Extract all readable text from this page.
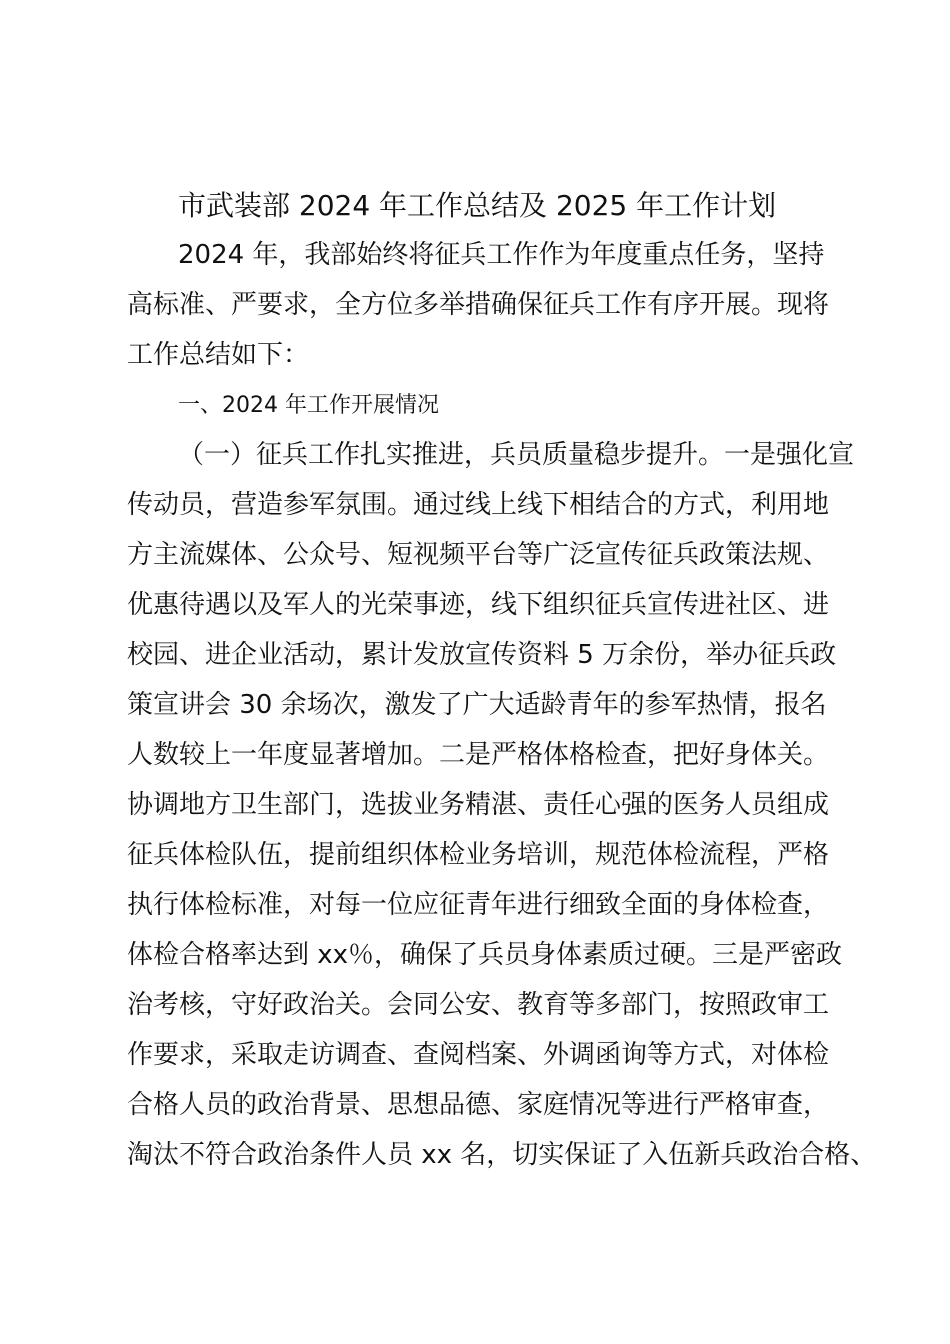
市武装部 2024 年工作总结及 2025 年工作计划
2024 年，我部始终将征兵工作作为年度重点任务，坚持
高标准、严要求，全方位多举措确保征兵工作有序开展。现将
工作总结如下：
一、2024 年工作开展情况
（一）征兵工作扎实推进，兵员质量稳步提升。一是强化宣
传动员，营造参军氛围。通过线上线下相结合的方式，利用地
方主流媒体、公众号、短视频平台等广泛宣传征兵政策法规、
优惠待遇以及军人的光荣事迹，线下组织征兵宣传进社区、进
校园、进企业活动，累计发放宣传资料 5 万余份，举办征兵政
策宣讲会 30 余场次，激发了广大适龄青年的参军热情，报名
人数较上一年度显著增加。二是严格体格检查，把好身体关。
协调地方卫生部门，选拔业务精湛、责任心强的医务人员组成
征兵体检队伍，提前组织体检业务培训，规范体检流程，严格
执行体检标准，对每一位应征青年进行细致全面的身体检查，
体检合格率达到 xx％，确保了兵员身体素质过硬。三是严密政
治考核，守好政治关。会同公安、教育等多部门，按照政审工
作要求，采取走访调查、查阅档案、外调函询等方式，对体检
合格人员的政治背景、思想品德、家庭情况等进行严格审查，
淘汰不符合政治条件人员 xx 名，切实保证了入伍新兵政治合格、
